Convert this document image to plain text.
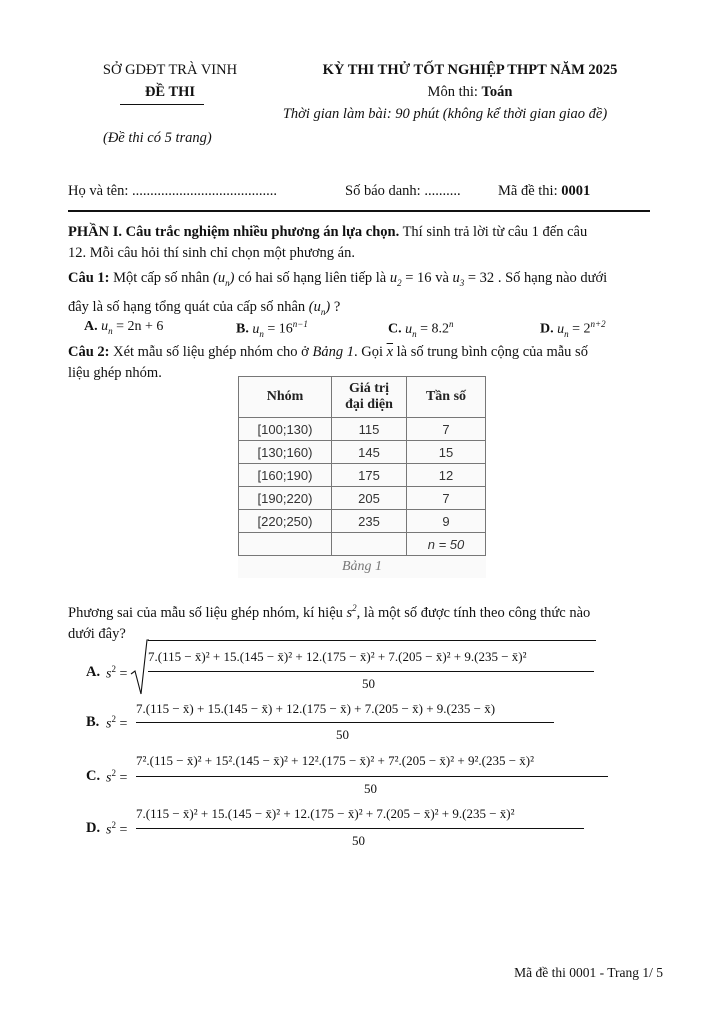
SỞ GDĐT TRÀ VINH	KỲ THI THỬ TỐT NGHIỆP THPT NĂM 2025
ĐỀ THI	Môn thi: Toán
Thời gian làm bài: 90 phút (không kể thời gian giao đề)
(Đề thi có 5 trang)
Họ và tên: ........................................	Số báo danh: ..........	Mã đề thi: 0001
PHẦN I. Câu trắc nghiệm nhiều phương án lựa chọn. Thí sinh trả lời từ câu 1 đến câu
12. Mỗi câu hỏi thí sinh chỉ chọn một phương án.
Câu 1: Một cấp số nhân $(u_n)$ có hai số hạng liên tiếp là $u_2 = 16$ và $u_3 = 32$ . Số hạng nào dưới
đây là số hạng tổng quát của cấp số nhân $(u_n)$ ?
A. $u_n = 2n + 6$	B. $u_n = 16^{n-1}$	C. $u_n = 8.2^n$	D. $u_n = 2^{n+2}$
Câu 2: Xét mẫu số liệu ghép nhóm cho ở Bảng 1. Gọi $\overline{x}$ là số trung bình cộng của mẫu số
liệu ghép nhóm.
Nhóm	Giá trị đại diện	Tần số
[100;130)	115	7
[130;160)	145	15
[160;190)	175	12
[190;220)	205	7
[220;250)	235	9
		n = 50
Bảng 1
Phương sai của mẫu số liệu ghép nhóm, kí hiệu $s^2$, là một số được tính theo công thức nào
dưới đây?
A. $s^2$ =
7.(115 − x̄)² + 15.(145 − x̄)² + 12.(175 − x̄)² + 7.(205 − x̄)² + 9.(235 − x̄)²
50
B. $s^2$ =
7.(115 − x̄) + 15.(145 − x̄) + 12.(175 − x̄) + 7.(205 − x̄) + 9.(235 − x̄)
50
C. $s^2$ =
7².(115 − x̄)² + 15².(145 − x̄)² + 12².(175 − x̄)² + 7².(205 − x̄)² + 9².(235 − x̄)²
50
D. $s^2$ =
7.(115 − x̄)² + 15.(145 − x̄)² + 12.(175 − x̄)² + 7.(205 − x̄)² + 9.(235 − x̄)²
50
Mã đề thi 0001 - Trang 1/ 5
